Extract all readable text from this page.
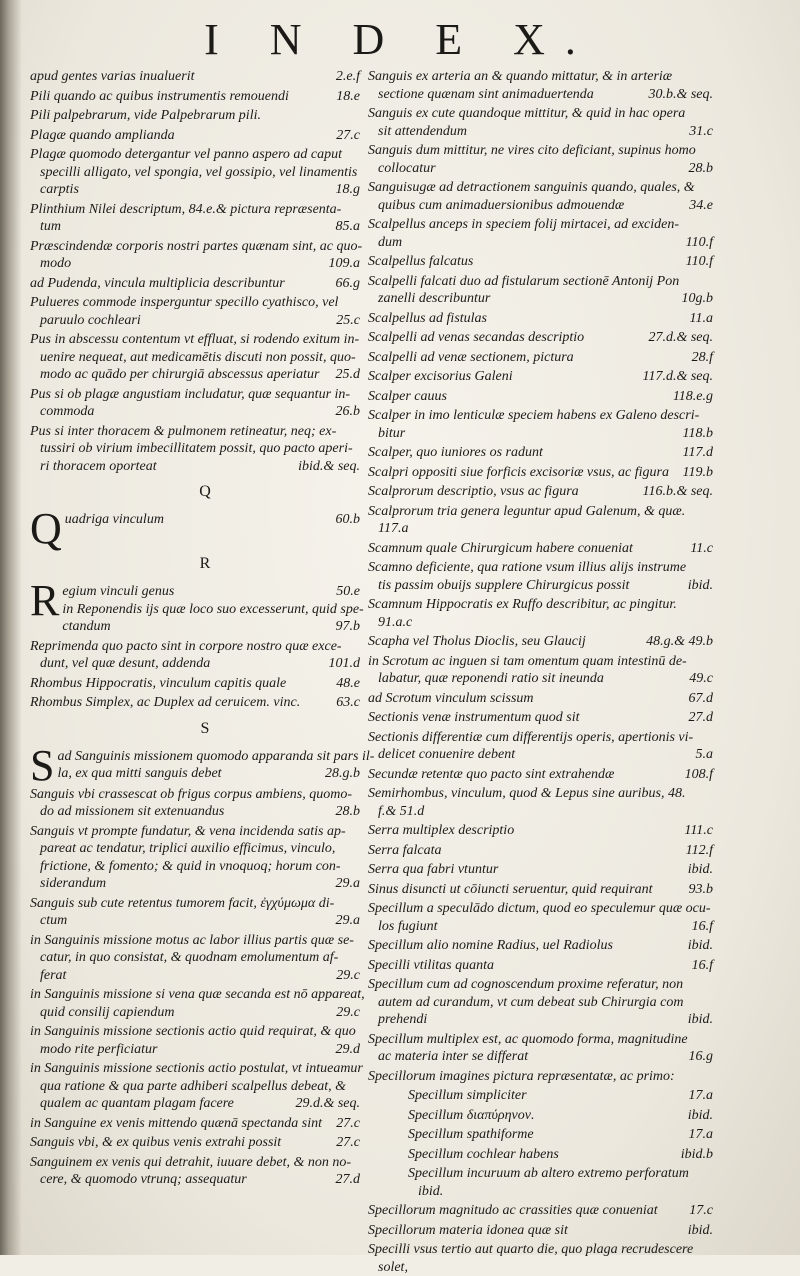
I N D E X.
apud gentes varias inualuerit	2.e.f
Pili quando ac quibus instrumentis remouendi	18.e
Pili palpebrarum, vide Palpebrarum pili.
Plagæ quando amplianda	27.c
Plagæ quomodo detergantur vel panno aspero ad caput
specilli alligato, vel spongia, vel gossipio, vel linamentis
carptis	18.g
Plinthium Nilei descriptum, 84.e.& pictura repræsenta-
tum	85.a
Præscindendæ corporis nostri partes quænam sint, ac quo-
modo	109.a
ad Pudenda, vincula multiplicia describuntur	66.g
Pulueres commode insperguntur specillo cyathisco, vel
paruulo cochleari	25.c
Pus in abscessu contentum vt effluat, si rodendo exitum in-
uenire nequeat, aut medicamētis discuti non possit, quo-
modo ac quādo per chirurgiā abscessus aperiatur 25.d
Pus si ob plagæ angustiam includatur, quæ sequantur in-
commoda	26.b
Pus si inter thoracem & pulmonem retineatur, neq; ex-
tussiri ob virium imbecillitatem possit, quo pacto aperi-
ri thoracem oporteat	ibid.& seq.
Q
Q uadriga vinculum	60.b
R
R egium vinculi genus	50.e
in Reponendis ijs quæ loco suo excesserunt, quid spe-
ctandum	97.b
Reprimenda quo pacto sint in corpore nostro quæ exce-
dunt, vel quæ desunt, addenda	101.d
Rhombus Hippocratis, vinculum capitis quale	48.e
Rhombus Simplex, ac Duplex ad ceruicem. vinc.	63.c
S
S ad Sanguinis missionem quomodo apparanda sit pars il-
la, ex qua mitti sanguis debet	28.g.b
Sanguis vbi crassescat ob frigus corpus ambiens, quomo-
do ad missionem sit extenuandus	28.b
Sanguis vt prompte fundatur, & vena incidenda satis ap-
pareat ac tendatur, triplici auxilio efficimus, vinculo,
frictione, & fomento; & quid in vnoquoq; horum con-
siderandum	29.a
Sanguis sub cute retentus tumorem facit, ἐγχύμωμα di-
ctum	29.a
in Sanguinis missione motus ac labor illius partis quæ se-
catur, in quo consistat, & quodnam emolumentum af-
ferat	29.c
in Sanguinis missione si vena quæ secanda est nō appareat,
quid consilij capiendum	29.c
in Sanguinis missione sectionis actio quid requirat, & quo
modo rite perficiatur	29.d
in Sanguinis missione sectionis actio postulat, vt intueamur
qua ratione & qua parte adhiberi scalpellus debeat, &
qualem ac quantam plagam facere	29.d.& seq.
in Sanguine ex venis mittendo quænā spectanda sint 27.c
Sanguis vbi, & ex quibus venis extrahi possit	27.c
Sanguinem ex venis qui detrahit, iuuare debet, & non no-
cere, & quomodo vtrunq; assequatur	27.d
Sanguis ex arteria an & quando mittatur, & in arteriæ
sectione quænam sint animaduertenda	30.b.& seq.
Sanguis ex cute quandoque mittitur, & quid in hac opera
sit attendendum	31.c
Sanguis dum mittitur, ne vires cito deficiant, supinus homo
collocatur	28.b
Sanguisugæ ad detractionem sanguinis quando, quales, &
quibus cum animaduersionibus admouendæ	34.e
Scalpellus anceps in speciem folij mirtacei, ad exciden-
dum	110.f
Scalpellus falcatus	110.f
Scalpelli falcati duo ad fistularum sectionē Antonij Pon
zanelli describuntur	10g.b
Scalpellus ad fistulas	11.a
Scalpelli ad venas secandas descriptio	27.d.& seq.
Scalpelli ad venæ sectionem, pictura	28.f
Scalper excisorius Galeni	117.d.& seq.
Scalper cauus	118.e.g
Scalper in imo lenticulæ speciem habens ex Galeno descri-
bitur	118.b
Scalper, quo iuniores os radunt	117.d
Scalpri oppositi siue forficis excisoriæ vsus, ac figura 119.b
Scalprorum descriptio, vsus ac figura	116.b.& seq.
Scalprorum tria genera leguntur apud Galenum, & quæ.
117.a
Scamnum quale Chirurgicum habere conueniat	11.c
Scamno deficiente, qua ratione vsum illius alijs instrume
tis passim obuijs supplere Chirurgicus possit	ibid.
Scamnum Hippocratis ex Ruffo describitur, ac pingitur.
91.a.c
Scapha vel Tholus Dioclis, seu Glaucij	48.g.& 49.b
in Scrotum ac inguen si tam omentum quam intestinū de-
labatur, quæ reponendi ratio sit ineunda	49.c
ad Scrotum vinculum scissum	67.d
Sectionis venæ instrumentum quod sit	27.d
Sectionis differentiæ cum differentijs operis, apertionis vi-
delicet conuenire debent	5.a
Secundæ retentæ quo pacto sint extrahendæ	108.f
Semirhombus, vinculum, quod & Lepus sine auribus, 48.
f.& 51.d
Serra multiplex descriptio	111.c
Serra falcata	112.f
Serra qua fabri vtuntur	ibid.
Sinus disuncti ut cōiuncti seruentur, quid requirant	93.b
Specillum a speculādo dictum, quod eo speculemur quæ ocu-
los fugiunt	16.f
Specillum alio nomine Radius, uel Radiolus	ibid.
Specilli vtilitas quanta	16.f
Specillum cum ad cognoscendum proxime referatur, non
autem ad curandum, vt cum debeat sub Chirurgia com
prehendi	ibid.
Specillum multiplex est, ac quomodo forma, magnitudine
ac materia inter se differat	16.g
Specillorum imagines pictura repræsentatæ, ac primo:
Specillum simpliciter	17.a
Specillum διαπύρηνον.	ibid.
Specillum spathiforme	17.a
Specillum cochlear habens	ibid.b
Specillum incuruum ab altero extremo perforatum
ibid.
Specillorum magnitudo ac crassities quæ conueniat 17.c
Specillorum materia idonea quæ sit	ibid.
Specilli vsus tertio aut quarto die, quo plaga recrudescere
solet,
